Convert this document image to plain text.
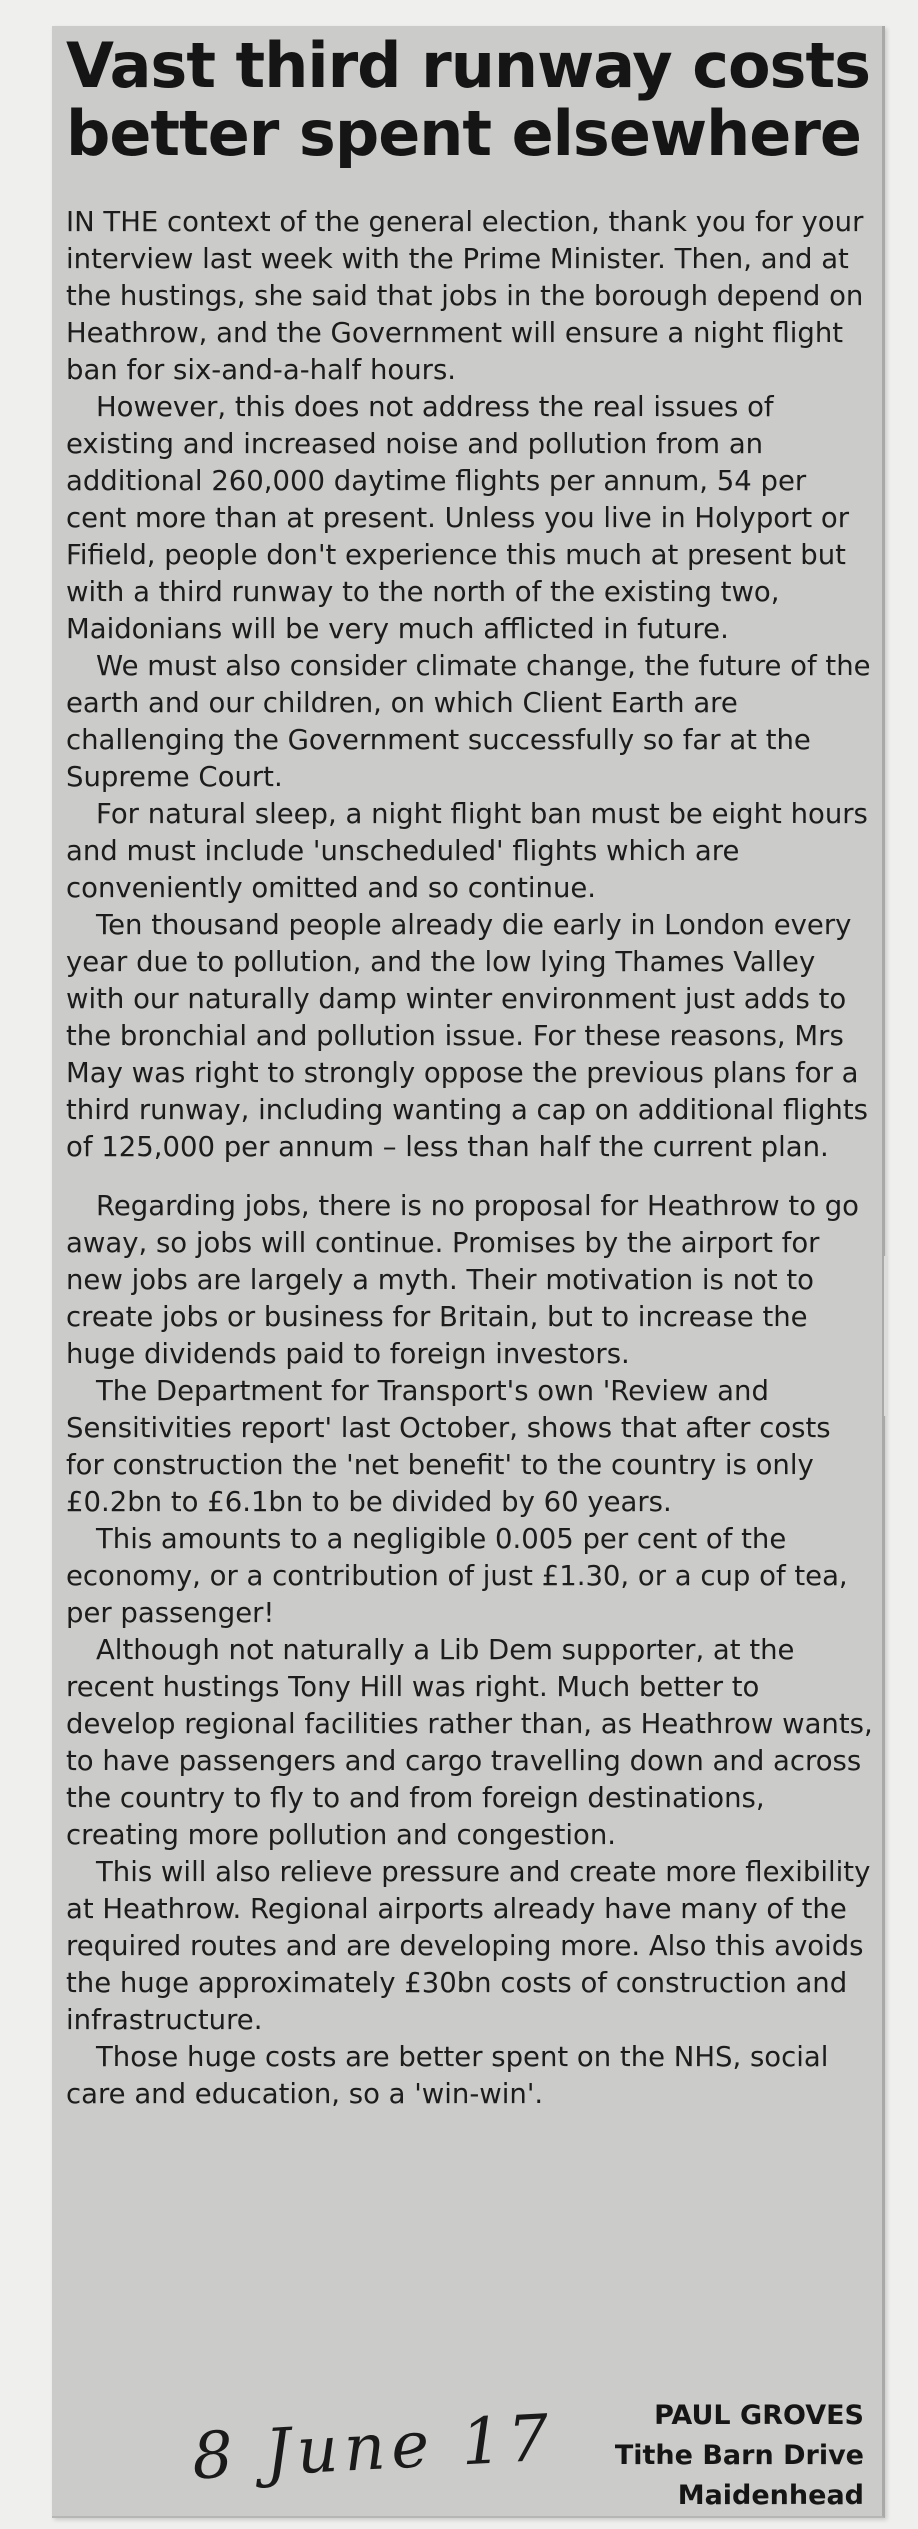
Vast third runway costs
better spent elsewhere

IN THE context of the general election, thank you for your interview last week with the Prime Minister. Then, and at the hustings, she said that jobs in the borough depend on Heathrow, and the Government will ensure a night flight ban for six-and-a-half hours.

However, this does not address the real issues of existing and increased noise and pollution from an additional 260,000 daytime flights per annum, 54 per cent more than at present. Unless you live in Holyport or Fifield, people don't experience this much at present but with a third runway to the north of the existing two, Maidonians will be very much afflicted in future.

We must also consider climate change, the future of the earth and our children, on which Client Earth are challenging the Government successfully so far at the Supreme Court.

For natural sleep, a night flight ban must be eight hours and must include 'unscheduled' flights which are conveniently omitted and so continue.

Ten thousand people already die early in London every year due to pollution, and the low lying Thames Valley with our naturally damp winter environment just adds to the bronchial and pollution issue. For these reasons, Mrs May was right to strongly oppose the previous plans for a third runway, including wanting a cap on additional flights of 125,000 per annum – less than half the current plan.

Regarding jobs, there is no proposal for Heathrow to go away, so jobs will continue. Promises by the airport for new jobs are largely a myth. Their motivation is not to create jobs or business for Britain, but to increase the huge dividends paid to foreign investors.

The Department for Transport's own 'Review and Sensitivities report' last October, shows that after costs for construction the 'net benefit' to the country is only £0.2bn to £6.1bn to be divided by 60 years.

This amounts to a negligible 0.005 per cent of the economy, or a contribution of just £1.30, or a cup of tea, per passenger!

Although not naturally a Lib Dem supporter, at the recent hustings Tony Hill was right. Much better to develop regional facilities rather than, as Heathrow wants, to have passengers and cargo travelling down and across the country to fly to and from foreign destinations, creating more pollution and congestion.

This will also relieve pressure and create more flexibility at Heathrow. Regional airports already have many of the required routes and are developing more. Also this avoids the huge approximately £30bn costs of construction and infrastructure.

Those huge costs are better spent on the NHS, social care and education, so a 'win-win'.

8 June 17	PAUL GROVES
Tithe Barn Drive
Maidenhead
